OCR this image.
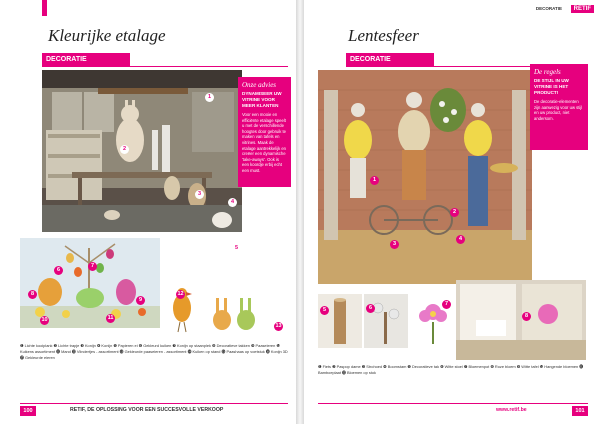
Kleurijke etalage
DECORATIE
1
2
3
4
5
Onze advies
DYNAMISEER UW VITRINE VOOR MEER KLANTEN
Voor een mooie en efficiënte etalage speelt u met de verschillende hoogtes door gebruik te maken van tafels en vitrines. Maak de etalage aantrekkelijk en creëer een dynamische 'take-aways'. Ook is een koordje erbij echt een must.
6
7
8
9
10	11
12
13
❶ Lichte kooiplank ❷ Lichte trapje ❸ Konijn ❹ Konijn ❺ Papieren ei ❻ Gekleurd kuiken ❼ Konijn op staanplek ❽ Decoratieve takken ❾ Paaseieren ❿ Kuikens assortiment ⓫ Mand ⓬ Vlindertjes - assortiment ⓭ Gekleurde paaseieren - assortiment ⓮ Kuiken op stand ⓯ Paashaas op voetstuk ⓰ Konijn 3D ⓱ Gekleurde eieren
100	RETIF, DE OPLOSSING VOOR EEN SUCCESVOLLE VERKOOP
DECORATIE	RETIF
Lentesfeer
DECORATIE
1
2
3
4
De regels
DE STIJL IN UW VITRINE IS HET PRODUCT!
De decoratie-elementen zijn aanwezig voor uw stijl en uw product, niet andersom.
5	6
7
8
❶ Fiets ❷ Paspop dame ❸ Strohoed ❹ Boomstam ❺ Decoratieve tak ❻ Witte stoel ❼ Bloemenpot ❽ Roze bloem ❾ Witte tafel ❿ Hangende bloemen ⓫ Bamboeplaat ⓬ Bloemen op stok
www.retif.be	101
